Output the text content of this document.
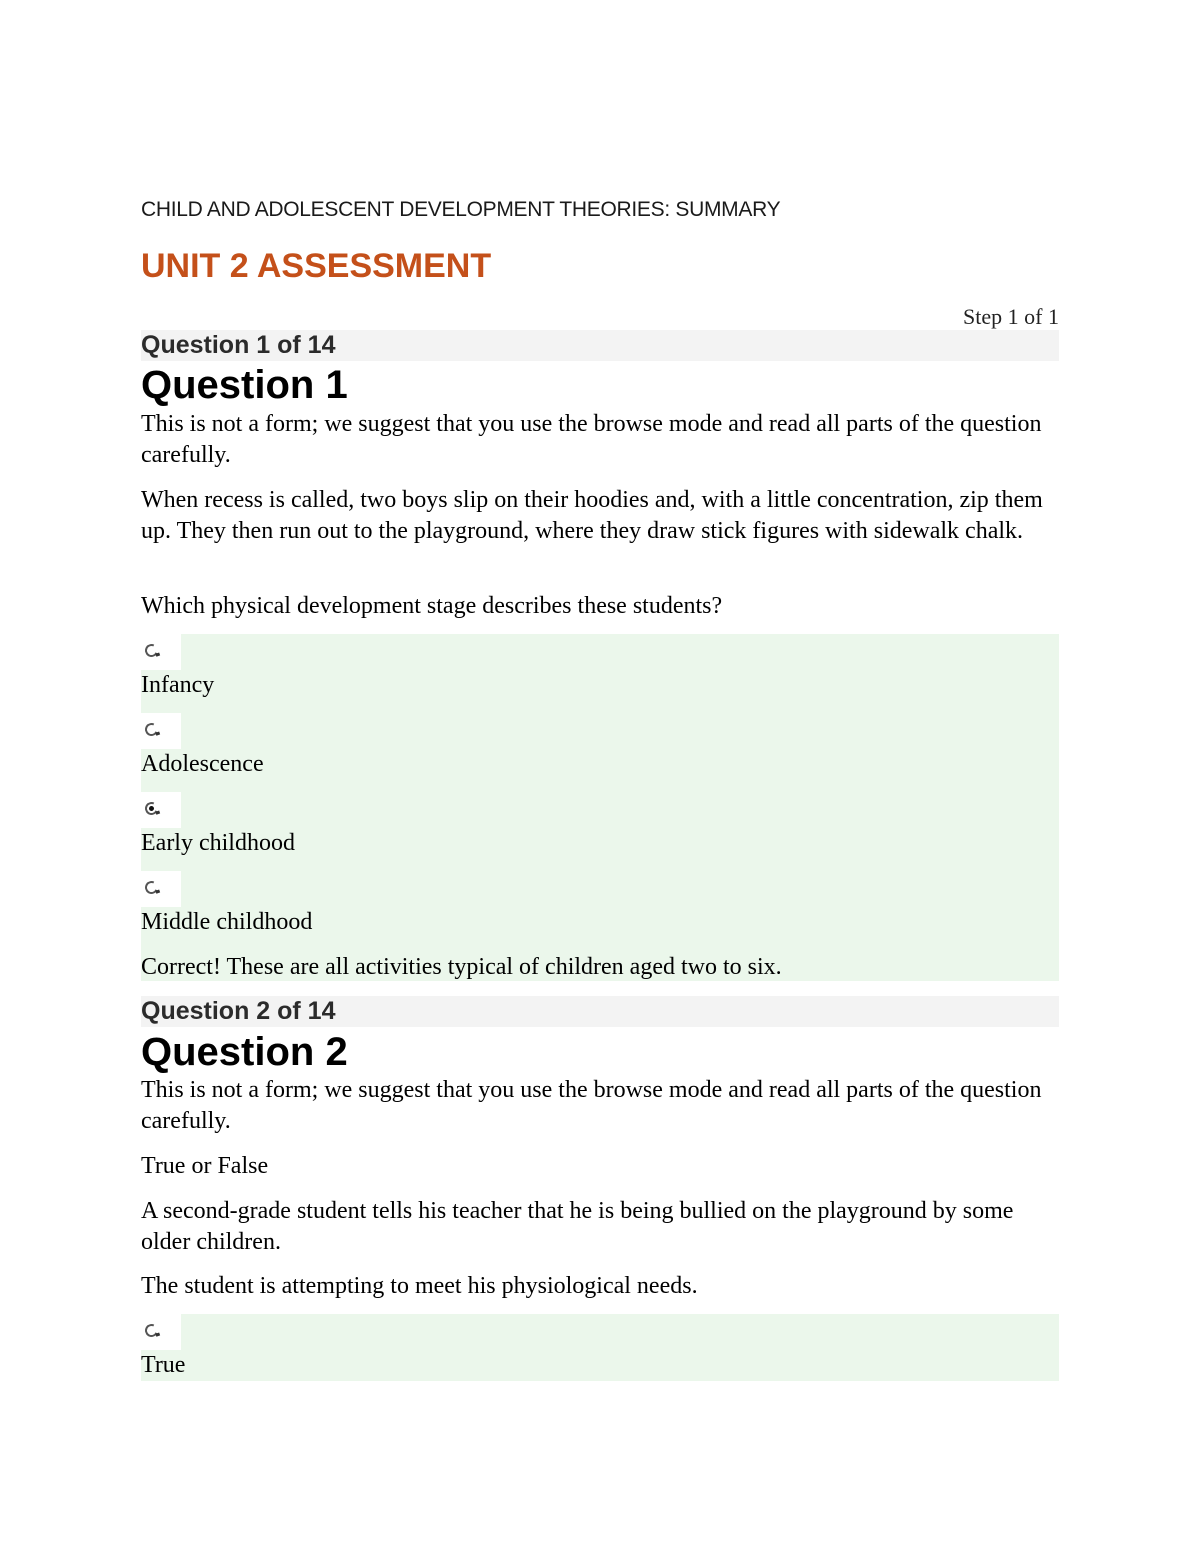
CHILD AND ADOLESCENT DEVELOPMENT THEORIES: SUMMARY
UNIT 2 ASSESSMENT
Step 1 of 1
Question 1 of 14
Question 1
This is not a form; we suggest that you use the browse mode and read all parts of the question carefully.
When recess is called, two boys slip on their hoodies and, with a little concentration, zip them up. They then run out to the playground, where they draw stick figures with sidewalk chalk.
Which physical development stage describes these students?
Infancy
Adolescence
Early childhood
Middle childhood
Correct! These are all activities typical of children aged two to six.
Question 2 of 14
Question 2
This is not a form; we suggest that you use the browse mode and read all parts of the question carefully.
True or False
A second-grade student tells his teacher that he is being bullied on the playground by some older children.
The student is attempting to meet his physiological needs.
True
